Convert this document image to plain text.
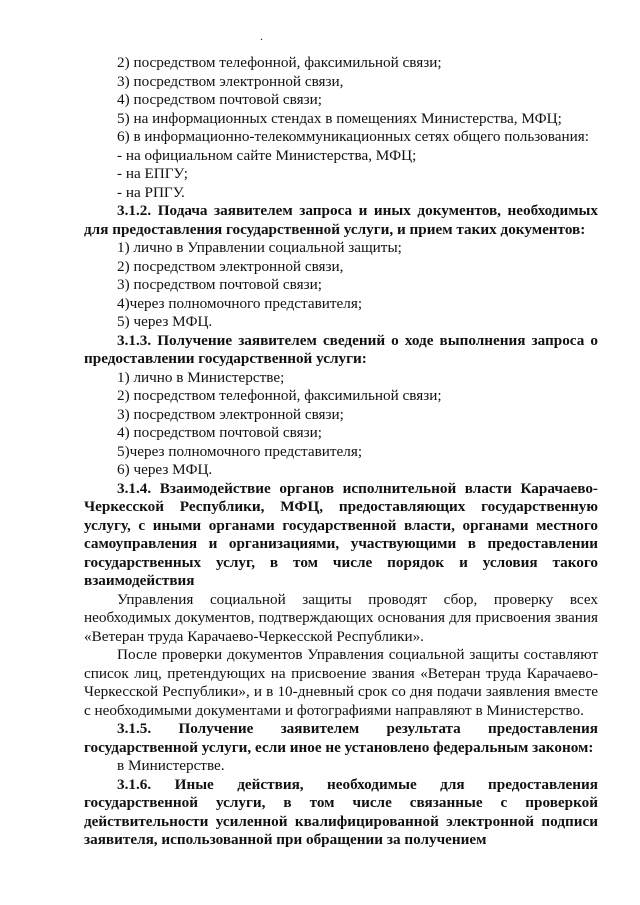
.

2) посредством телефонной, факсимильной связи;

3) посредством электронной связи,

4) посредством почтовой связи;

5) на информационных стендах в помещениях Министерства, МФЦ;

6) в информационно-телекоммуникационных сетях общего пользования:

- на официальном сайте Министерства, МФЦ;

- на ЕПГУ;

- на РПГУ.

3.1.2. Подача заявителем запроса и иных документов, необходимых для предоставления государственной услуги, и прием таких документов:

1) лично в Управлении социальной защиты;

2) посредством электронной связи,

3) посредством почтовой связи;

4)через полномочного представителя;

5) через МФЦ.

3.1.3. Получение заявителем сведений о ходе выполнения запроса о предоставлении государственной услуги:

1) лично в Министерстве;

2) посредством телефонной, факсимильной связи;

3) посредством электронной связи;

4) посредством почтовой связи;

5)через полномочного представителя;

6) через МФЦ.

3.1.4. Взаимодействие органов исполнительной власти Карачаево-Черкесской Республики, МФЦ, предоставляющих государственную услугу, с иными органами государственной власти, органами местного самоуправления и организациями, участвующими в предоставлении государственных услуг, в том числе порядок и условия такого взаимодействия

Управления социальной защиты проводят сбор, проверку всех необходимых документов, подтверждающих основания для присвоения звания «Ветеран труда Карачаево-Черкесской Республики».

После проверки документов Управления социальной защиты составляют список лиц, претендующих на присвоение звания «Ветеран труда Карачаево-Черкесской Республики», и в 10-дневный срок со дня подачи заявления вместе с необходимыми документами и фотографиями направляют в Министерство.

3.1.5. Получение заявителем результата предоставления государственной услуги, если иное не установлено федеральным законом:

в Министерстве.

3.1.6. Иные действия, необходимые для предоставления государственной услуги, в том числе связанные с проверкой действительности усиленной квалифицированной электронной подписи заявителя, использованной при обращении за получением
